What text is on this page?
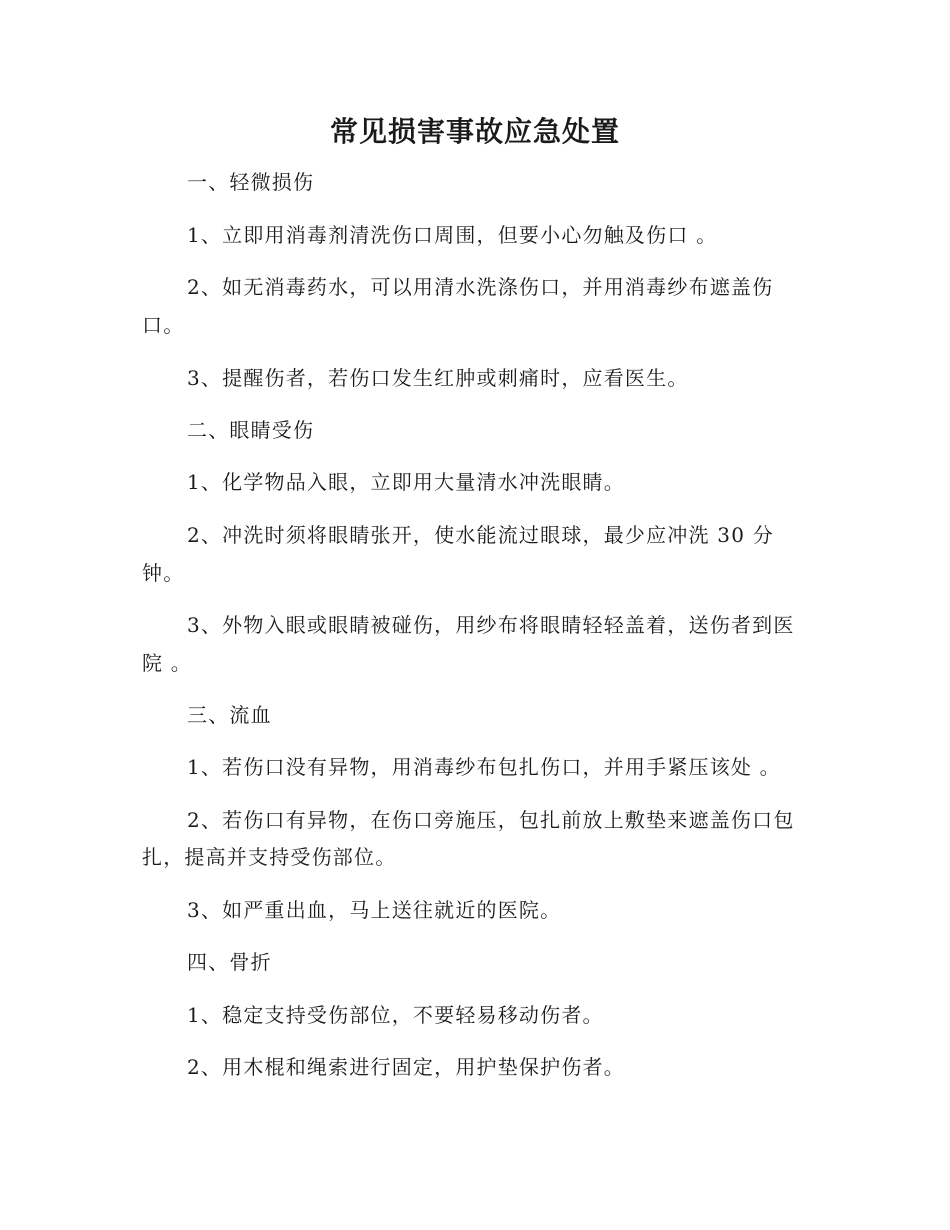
常见损害事故应急处置
一、轻微损伤
1、立即用消毒剂清洗伤口周围，但要小心勿触及伤口 。
2、如无消毒药水，可以用清水洗涤伤口，并用消毒纱布遮盖伤
口。
3、提醒伤者，若伤口发生红肿或刺痛时，应看医生。
二、眼睛受伤
1、化学物品入眼，立即用大量清水冲洗眼睛。
2、冲洗时须将眼睛张开，使水能流过眼球，最少应冲洗 30 分
钟。
3、外物入眼或眼睛被碰伤，用纱布将眼睛轻轻盖着，送伤者到医
院 。
三、流血
1、若伤口没有异物，用消毒纱布包扎伤口，并用手紧压该处 。
2、若伤口有异物，在伤口旁施压，包扎前放上敷垫来遮盖伤口包
扎，提高并支持受伤部位。
3、如严重出血，马上送往就近的医院。
四、骨折
1、稳定支持受伤部位，不要轻易移动伤者。
2、用木棍和绳索进行固定，用护垫保护伤者。
